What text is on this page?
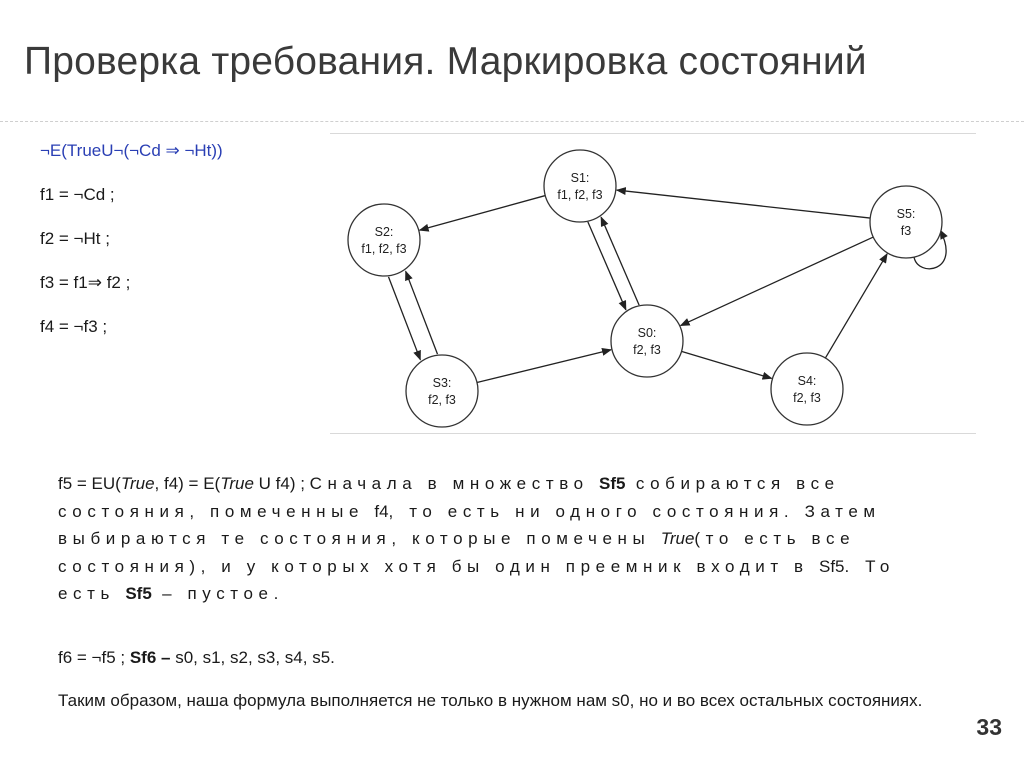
Проверка требования. Маркировка состояний
¬E(TrueU¬(¬Cd ⇒ ¬Ht))
f1 = ¬Cd ;
f2 = ¬Ht ;
f3 = f1⇒ f2 ;
f4 = ¬f3 ;	S0:
f2, f3
S1:
f1, f2, f3
S2:
f1, f2, f3
S3:
f2, f3
S4:
f2, f3
S5:
f3
f5 = EU(True, f4) = E(True U f4) ; Сначала в множество Sf5 собираются все состояния, помеченные f4, то есть ни одного состояния. Затем выбираются те состояния, которые помечены True(то есть все состояния), и у которых хотя бы один преемник входит в Sf5. То есть Sf5 – пустое.
f6 = ¬f5 ; Sf6 – s0, s1, s2, s3, s4, s5.
Таким образом, наша формула выполняется не только в нужном нам s0, но и во всех остальных состояниях.
33
